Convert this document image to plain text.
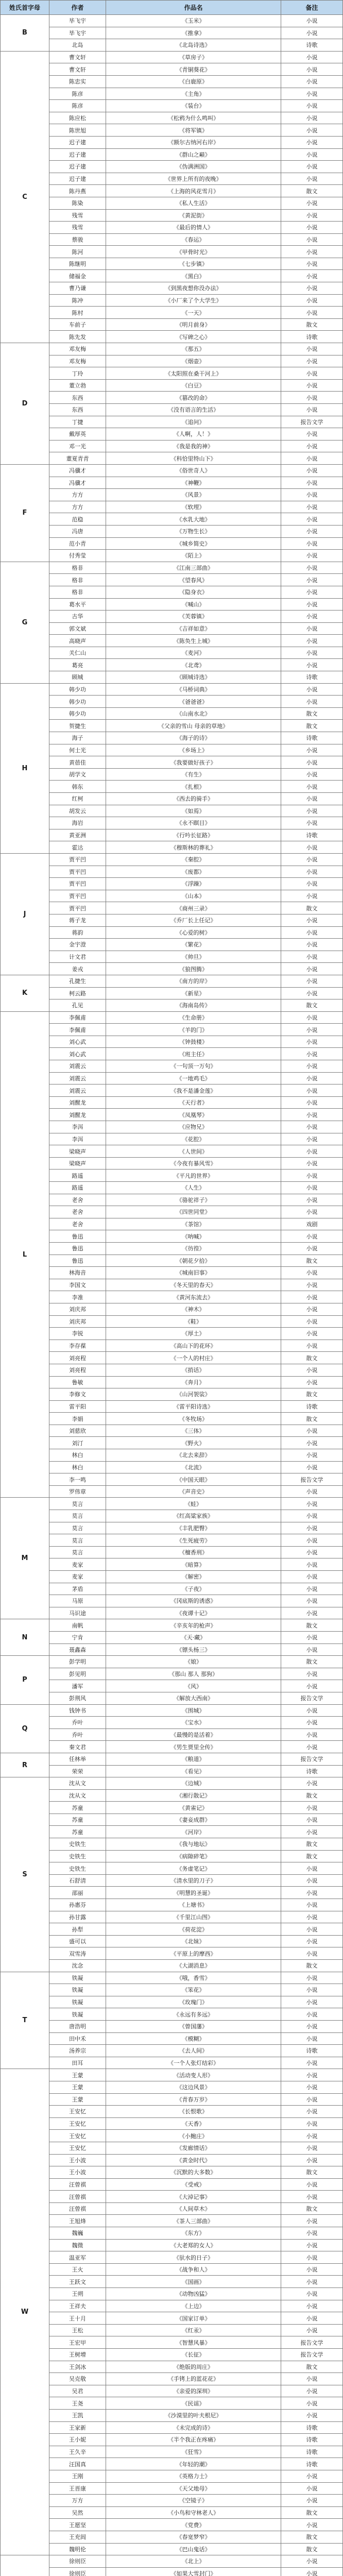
姓氏首字母	作者	作品名	备注
B
毕飞宇	《玉米》	小说
毕飞宇	《推拿》	小说
北岛	《北岛诗选》	诗歌
C
曹文轩	《草房子》	小说
曹文轩	《青铜葵花》	小说
陈忠实	《白鹿原》	小说
陈彦	《主角》	小说
陈彦	《装台》	小说
陈应松	《松鸦为什么鸣叫》	小说
陈世旭	《将军镇》	小说
迟子建	《额尔古纳河右岸》	小说
迟子建	《群山之巅》	小说
迟子建	《伪满洲国》	小说
迟子建	《世界上所有的夜晚》	小说
陈丹燕	《上海的风花雪月》	散文
陈染	《私人生活》	小说
残雪	《黄泥街》	小说
残雪	《最后的情人》	小说
蔡骏	《春运》	小说
陈河	《甲骨时光》	小说
陈继明	《七步镇》	小说
储福金	《黑白》	小说
曹乃谦	《到黑夜想你没办法》	小说
陈冲	《小厂来了个大学生》	小说
陈村	《一天》	小说
车前子	《明月前身》	散文
陈先发	《写碑之心》	诗歌
D
邓友梅	《那五》	小说
邓友梅	《烟壶》	小说
丁玲	《太阳照在桑干河上》	小说
董立勃	《白豆》	小说
东西	《篡改的命》	小说
东西	《没有语言的生活》	小说
丁捷	《追问》	报告文学
戴厚英	《人啊，人！》	小说
邓一光	《我是我的神》	小说
董夏青青	《科恰里特山下》	小说
F
冯骥才	《俗世奇人》	小说
冯骥才	《神鞭》	小说
方方	《风景》	小说
方方	《软埋》	小说
范稳	《水乳大地》	小说
冯唐	《万物生长》	小说
范小青	《城乡简史》	小说
付秀莹	《陌上》	小说
G
格非	《江南三部曲》	小说
格非	《望春风》	小说
格非	《隐身衣》	小说
葛水平	《喊山》	小说
古华	《芙蓉镇》	小说
郭文斌	《吉祥如意》	小说
高晓声	《陈奂生上城》	小说
关仁山	《麦河》	小说
葛亮	《北鸢》	小说
顾城	《顾城诗选》	诗歌
H
韩少功	《马桥词典》	小说
韩少功	《爸爸爸》	小说
韩少功	《山南水北》	散文
贺捷生	《父亲的雪山 母亲的草地》	散文
海子	《海子的诗》	诗歌
何士光	《乡场上》	小说
黄蓓佳	《我要做好孩子》	小说
胡学文	《有生》	小说
韩东	《扎根》	小说
红柯	《西去的骑手》	小说
胡发云	《如焉》	小说
海岩	《永不瞑目》	小说
黄亚洲	《行吟长征路》	诗歌
霍达	《穆斯林的葬礼》	小说
J
贾平凹	《秦腔》	小说
贾平凹	《废都》	小说
贾平凹	《浮躁》	小说
贾平凹	《山本》	小说
贾平凹	《商州三录》	散文
蒋子龙	《乔厂长上任记》	小说
蒋韵	《心爱的树》	小说
金宇澄	《繁花》	小说
计文君	《帅旦》	小说
姜戎	《狼图腾》	小说
K
孔捷生	《南方的岸》	小说
柯云路	《新星》	小说
孔见	《海南岛传》	散文
L
李佩甫	《生命册》	小说
李佩甫	《羊的门》	小说
刘心武	《钟鼓楼》	小说
刘心武	《班主任》	小说
刘震云	《一句顶一万句》	小说
刘震云	《一地鸡毛》	小说
刘震云	《我不是潘金莲》	小说
刘醒龙	《天行者》	小说
刘醒龙	《凤凰琴》	小说
李洱	《应物兄》	小说
李洱	《花腔》	小说
梁晓声	《人世间》	小说
梁晓声	《今夜有暴风雪》	小说
路遥	《平凡的世界》	小说
路遥	《人生》	小说
老舍	《骆驼祥子》	小说
老舍	《四世同堂》	小说
老舍	《茶馆》	戏剧
鲁迅	《呐喊》	小说
鲁迅	《彷徨》	小说
鲁迅	《朝花夕拾》	散文
林海音	《城南旧事》	小说
李国文	《冬天里的春天》	小说
李准	《黄河东流去》	小说
刘庆邦	《神木》	小说
刘庆邦	《鞋》	小说
李锐	《厚土》	小说
李存葆	《高山下的花环》	小说
刘亮程	《一个人的村庄》	散文
刘亮程	《捎话》	小说
鲁敏	《奔月》	小说
李修文	《山河袈裟》	散文
雷平阳	《雷平阳诗选》	诗歌
李娟	《冬牧场》	散文
刘慈欣	《三体》	小说
刘汀	《野火》	小说
林白	《北去来辞》	小说
林白	《北流》	小说
李一鸣	《中国天眼》	报告文学
罗伟章	《声音史》	小说
M
莫言	《蛙》	小说
莫言	《红高粱家族》	小说
莫言	《丰乳肥臀》	小说
莫言	《生死疲劳》	小说
莫言	《檀香刑》	小说
麦家	《暗算》	小说
麦家	《解密》	小说
茅盾	《子夜》	小说
马原	《冈底斯的诱惑》	小说
马识途	《夜谭十记》	小说
N
南帆	《辛亥年的枪声》	散文
宁肯	《天·藏》	小说
聂鑫森	《镖头杨三》	小说
P
彭学明	《娘》	散文
彭见明	《那山 那人 那狗》	小说
潘军	《风》	小说
彭荆风	《解放大西南》	报告文学
Q
钱钟书	《围城》	小说
乔叶	《宝水》	小说
乔叶	《最慢的是活着》	小说
秦文君	《男生贾里全传》	小说
R
任林举	《粮道》	报告文学
荣荣	《看见》	诗歌
S
沈从文	《边城》	小说
沈从文	《湘行散记》	散文
苏童	《黄雀记》	小说
苏童	《妻妾成群》	小说
苏童	《河岸》	小说
史铁生	《我与地坛》	散文
史铁生	《病隙碎笔》	散文
史铁生	《务虚笔记》	小说
石舒清	《清水里的刀子》	小说
邵丽	《明慧的圣诞》	小说
孙惠芬	《上塘书》	小说
孙甘露	《千里江山图》	小说
孙犁	《荷花淀》	小说
盛可以	《北妹》	小说
双雪涛	《平原上的摩西》	小说
沈念	《大湖消息》	散文
T
铁凝	《哦，香雪》	小说
铁凝	《笨花》	小说
铁凝	《玫瑰门》	小说
铁凝	《永远有多远》	小说
唐浩明	《曾国藩》	小说
田中禾	《模糊》	小说
汤养宗	《去人间》	诗歌
田耳	《一个人张灯结彩》	小说
W
王蒙	《活动变人形》	小说
王蒙	《这边风景》	小说
王蒙	《青春万岁》	小说
王安忆	《长恨歌》	小说
王安忆	《天香》	小说
王安忆	《小鲍庄》	小说
王安忆	《发廊情话》	小说
王小波	《黄金时代》	小说
王小波	《沉默的大多数》	散文
汪曾祺	《受戒》	小说
汪曾祺	《大淖记事》	小说
汪曾祺	《人间草木》	散文
王旭烽	《茶人三部曲》	小说
魏巍	《东方》	小说
魏微	《大老郑的女人》	小说
温亚军	《驮水的日子》	小说
王火	《战争和人》	小说
王跃文	《国画》	小说
王朔	《动物凶猛》	小说
王祥夫	《上边》	小说
王十月	《国家订单》	小说
王松	《红汞》	小说
王宏甲	《智慧风暴》	报告文学
王树增	《长征》	报告文学
王剑冰	《绝版的周庄》	散文
吴克敬	《手铐上的蓝花花》	小说
吴君	《亲爱的深圳》	小说
王尧	《民谣》	小说
王凯	《沙漠里的叶夫根尼》	小说
王家新	《未完成的诗》	诗歌
王小妮	《半个我正在疼痛》	诗歌
王久辛	《狂雪》	诗歌
汪国真	《年轻的潮》	诗歌
王刚	《英格力士》	小说
王晋康	《天父地母》	小说
万方	《空镜子》	小说
吴然	《小鸟和守林老人》	散文
王愿坚	《党费》	小说
王充闾	《春宽梦窄》	散文
魏明伦	《巴山鬼话》	散文
徐则臣	《北上》	小说
徐则臣	《如果大雪封门》	小说
